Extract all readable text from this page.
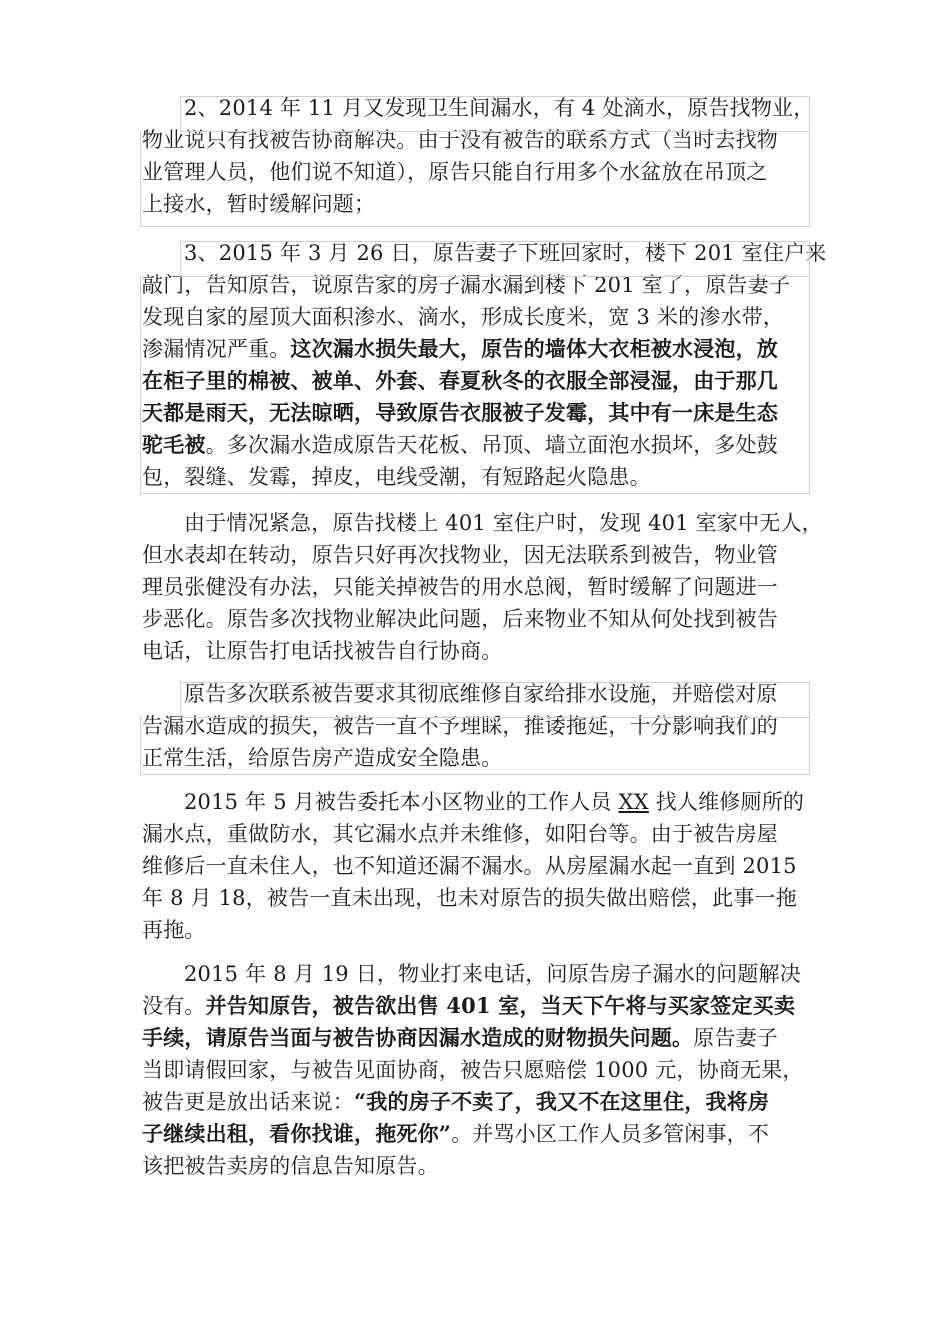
2、2014 年 11 月又发现卫生间漏水，有 4 处滴水，原告找物业，
物业说只有找被告协商解决。由于没有被告的联系方式（当时去找物
业管理人员，他们说不知道），原告只能自行用多个水盆放在吊顶之
上接水，暂时缓解问题；
3、2015 年 3 月 26 日，原告妻子下班回家时，楼下 201 室住户来
敲门，告知原告，说原告家的房子漏水漏到楼下 201 室了，原告妻子
发现自家的屋顶大面积渗水、滴水，形成长度米，宽 3 米的渗水带，
渗漏情况严重。这次漏水损失最大，原告的墙体大衣柜被水浸泡，放
在柜子里的棉被、被单、外套、春夏秋冬的衣服全部浸湿，由于那几
天都是雨天，无法晾晒，导致原告衣服被子发霉，其中有一床是生态
驼毛被。多次漏水造成原告天花板、吊顶、墙立面泡水损坏，多处鼓
包，裂缝、发霉，掉皮，电线受潮，有短路起火隐患。
由于情况紧急，原告找楼上 401 室住户时，发现 401 室家中无人，
但水表却在转动，原告只好再次找物业，因无法联系到被告，物业管
理员张健没有办法，只能关掉被告的用水总阀，暂时缓解了问题进一
步恶化。原告多次找物业解决此问题，后来物业不知从何处找到被告
电话，让原告打电话找被告自行协商。
原告多次联系被告要求其彻底维修自家给排水设施，并赔偿对原
告漏水造成的损失，被告一直不予理睬，推诿拖延，十分影响我们的
正常生活，给原告房产造成安全隐患。
2015 年 5 月被告委托本小区物业的工作人员 XX 找人维修厕所的
漏水点，重做防水，其它漏水点并未维修，如阳台等。由于被告房屋
维修后一直未住人，也不知道还漏不漏水。从房屋漏水起一直到 2015
年 8 月 18，被告一直未出现，也未对原告的损失做出赔偿，此事一拖
再拖。
2015 年 8 月 19 日，物业打来电话，问原告房子漏水的问题解决
没有。并告知原告，被告欲出售 401 室，当天下午将与买家签定买卖
手续，请原告当面与被告协商因漏水造成的财物损失问题。原告妻子
当即请假回家，与被告见面协商，被告只愿赔偿 1000 元，协商无果，
被告更是放出话来说：“我的房子不卖了，我又不在这里住，我将房
子继续出租，看你找谁，拖死你”。并骂小区工作人员多管闲事，不
该把被告卖房的信息告知原告。
